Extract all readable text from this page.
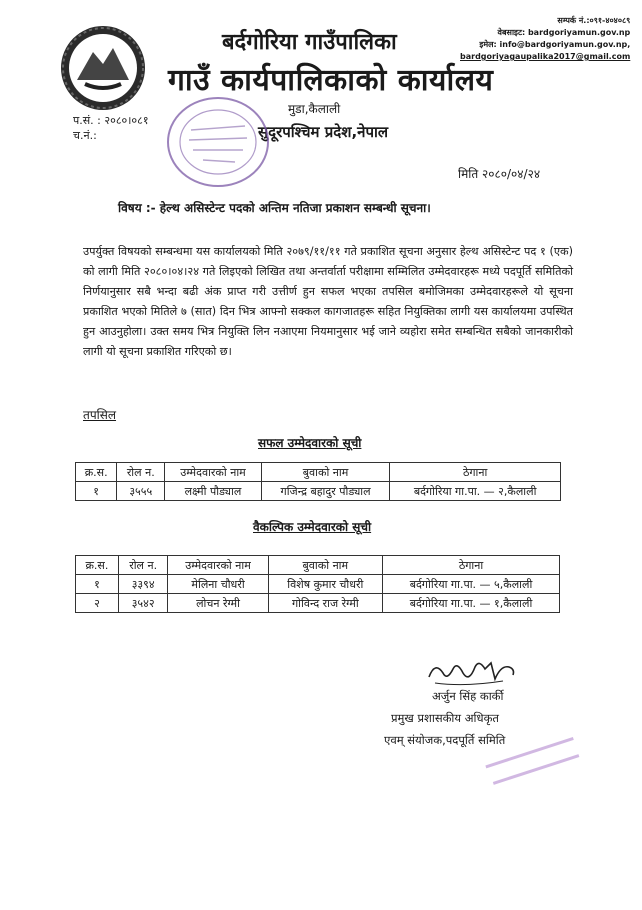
बर्दगोरिया गाउँपालिका
गाउँ कार्यपालिकाको कार्यालय
सम्पर्क नं.:०९१-४०४०८९
वेबसाइट: bardgoriyamun.gov.np
इमेल: info@bardgoriyamun.gov.np,
bardgoriyagaupalika2017@gmail.com
मुडा,कैलाली
सुदूरपश्चिम प्रदेश,नेपाल
प.सं. : २०८०।०८१
च.नं.:
मिति २०८०/०४/२४
विषय :- हेल्थ असिस्टेन्ट पदको अन्तिम नतिजा प्रकाशन सम्बन्धी सूचना।
उपर्युक्त विषयको सम्बन्धमा यस कार्यालयको मिति २०७९/११/११ गते प्रकाशित सूचना अनुसार हेल्थ असिस्टेन्ट पद १ (एक) को लागी मिति २०८०।०४।२४ गते लिइएको लिखित तथा अन्तर्वार्ता परीक्षामा सम्मिलित उम्मेदवारहरू मध्ये पदपूर्ति समितिको निर्णयानुसार सबै भन्दा बढी अंक प्राप्त गरी उत्तीर्ण हुन सफल भएका तपसिल बमोजिमका उम्मेदवारहरूले यो सूचना प्रकाशित भएको मितिले ७ (सात) दिन भित्र आफ्नो सक्कल कागजातहरू सहित नियुक्तिका लागी यस कार्यालयमा उपस्थित हुन आउनुहोला। उक्त समय भित्र नियुक्ति लिन नआएमा नियमानुसार भई जाने व्यहोरा समेत सम्बन्धित सबैको जानकारीको लागी यो सूचना प्रकाशित गरिएको छ।
तपसिल
सफल उम्मेदवारको सूची
क्र.स.	रोल न.	उम्मेदवारको नाम	बुवाको नाम	ठेगाना
१	३५५५	लक्ष्मी पौड्याल	गजिन्द्र बहादुर पौड्याल	बर्दगोरिया गा.पा. — २,कैलाली
वैकल्पिक उम्मेदवारको सूची
क्र.स.	रोल न.	उम्मेदवारको नाम	बुवाको नाम	ठेगाना
१	३३९४	मेलिना चौधरी	विशेष कुमार चौधरी	बर्दगोरिया गा.पा. — ५,कैलाली
२	३५४२	लोचन रेग्मी	गोविन्द राज रेग्मी	बर्दगोरिया गा.पा. — १,कैलाली
अर्जुन सिंह कार्की
प्रमुख प्रशासकीय अधिकृत
एवम् संयोजक,पदपूर्ति समिति
